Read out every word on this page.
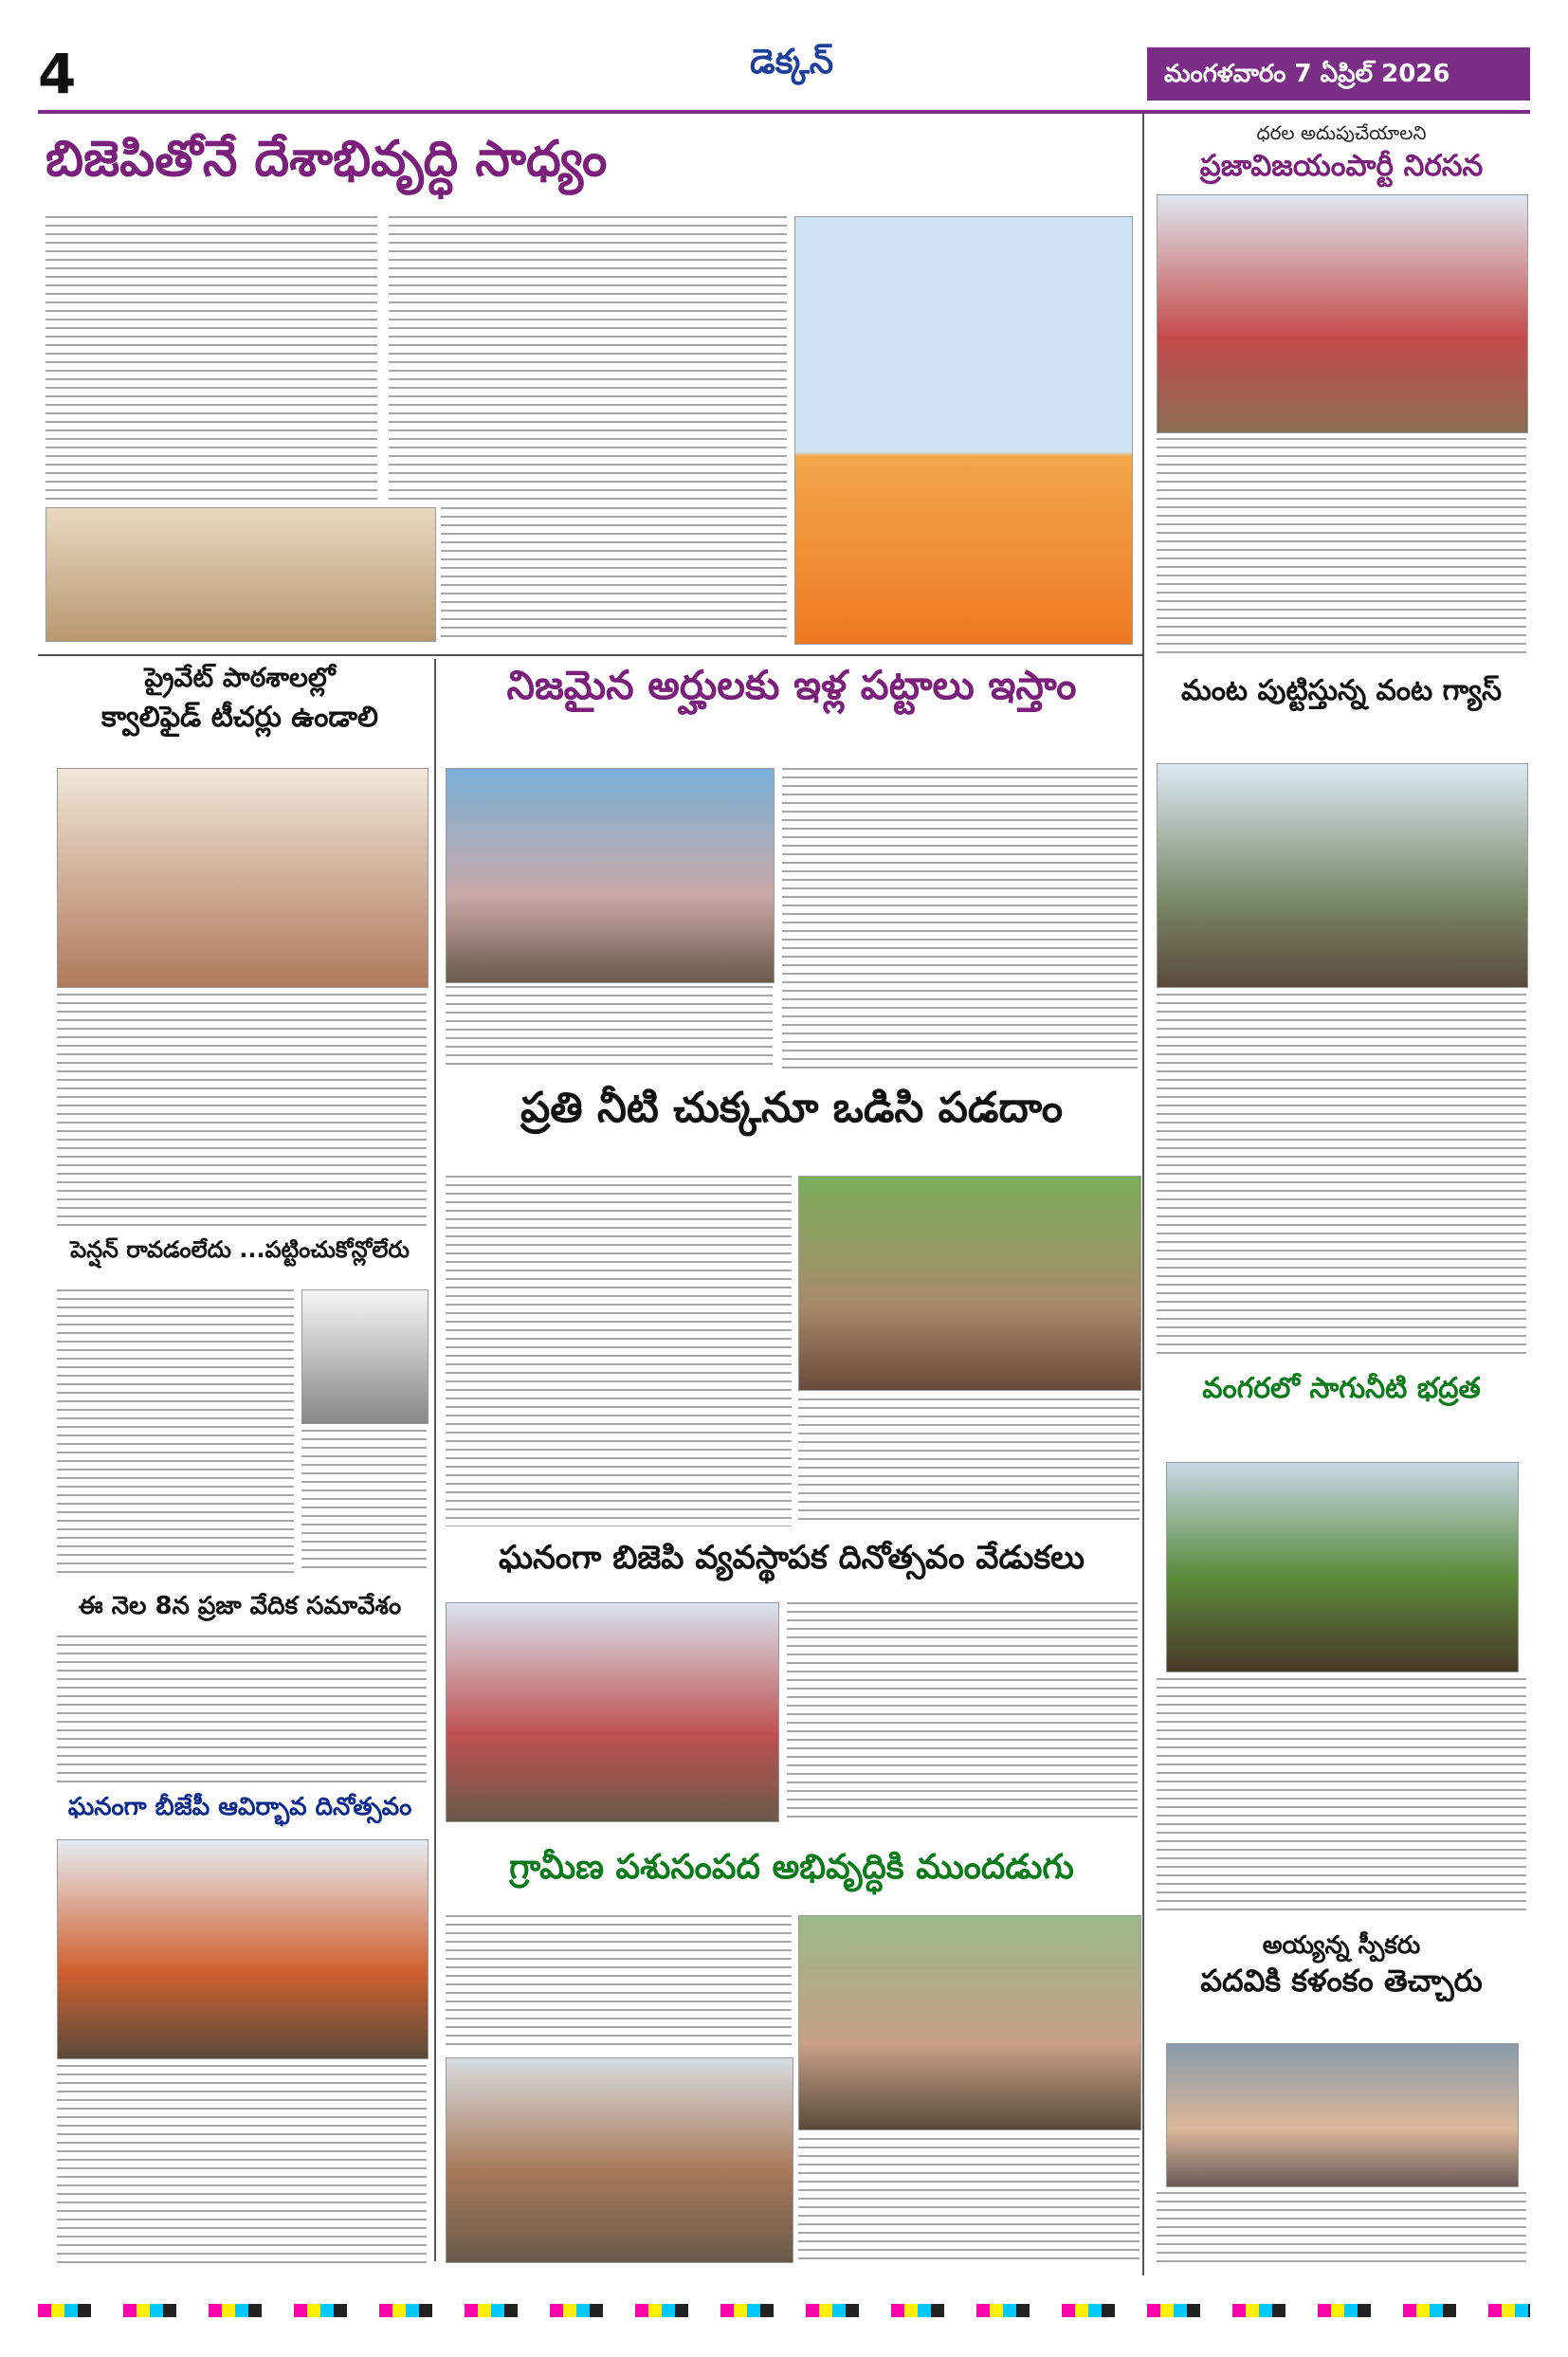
4	డెక్కన్	మంగళవారం 7 ఏప్రిల్ 2026
బిజెపితోనే దేశాభివృద్ధి సాధ్యం	ధరల అదుపుచేయాలని
ప్రజావిజయంపార్టీ నిరసన
ప్రైవేట్ పాఠశాలల్లో
క్వాలిఫైడ్ టీచర్లు ఉండాలి
నిజమైన అర్హులకు ఇళ్ల పట్టాలు ఇస్తాం	మంట పుట్టిస్తున్న వంట గ్యాస్
ప్రతి నీటి చుక్కనూ ఒడిసి పడదాం
పెన్షన్ రావడంలేదు ...పట్టించుకోన్లోలేరు
వంగరలో సాగునీటి భద్రత
ఘనంగా బిజెపి వ్యవస్థాపక దినోత్సవం వేడుకలు
ఈ నెల 8న ప్రజా వేదిక సమావేశం
ఘనంగా బీజేపీ ఆవిర్భావ దినోత్సవం
అయ్యన్న స్పీకరు
పదవికి కళంకం తెచ్చారు
గ్రామీణ పశుసంపద అభివృద్ధికి ముందడుగు
